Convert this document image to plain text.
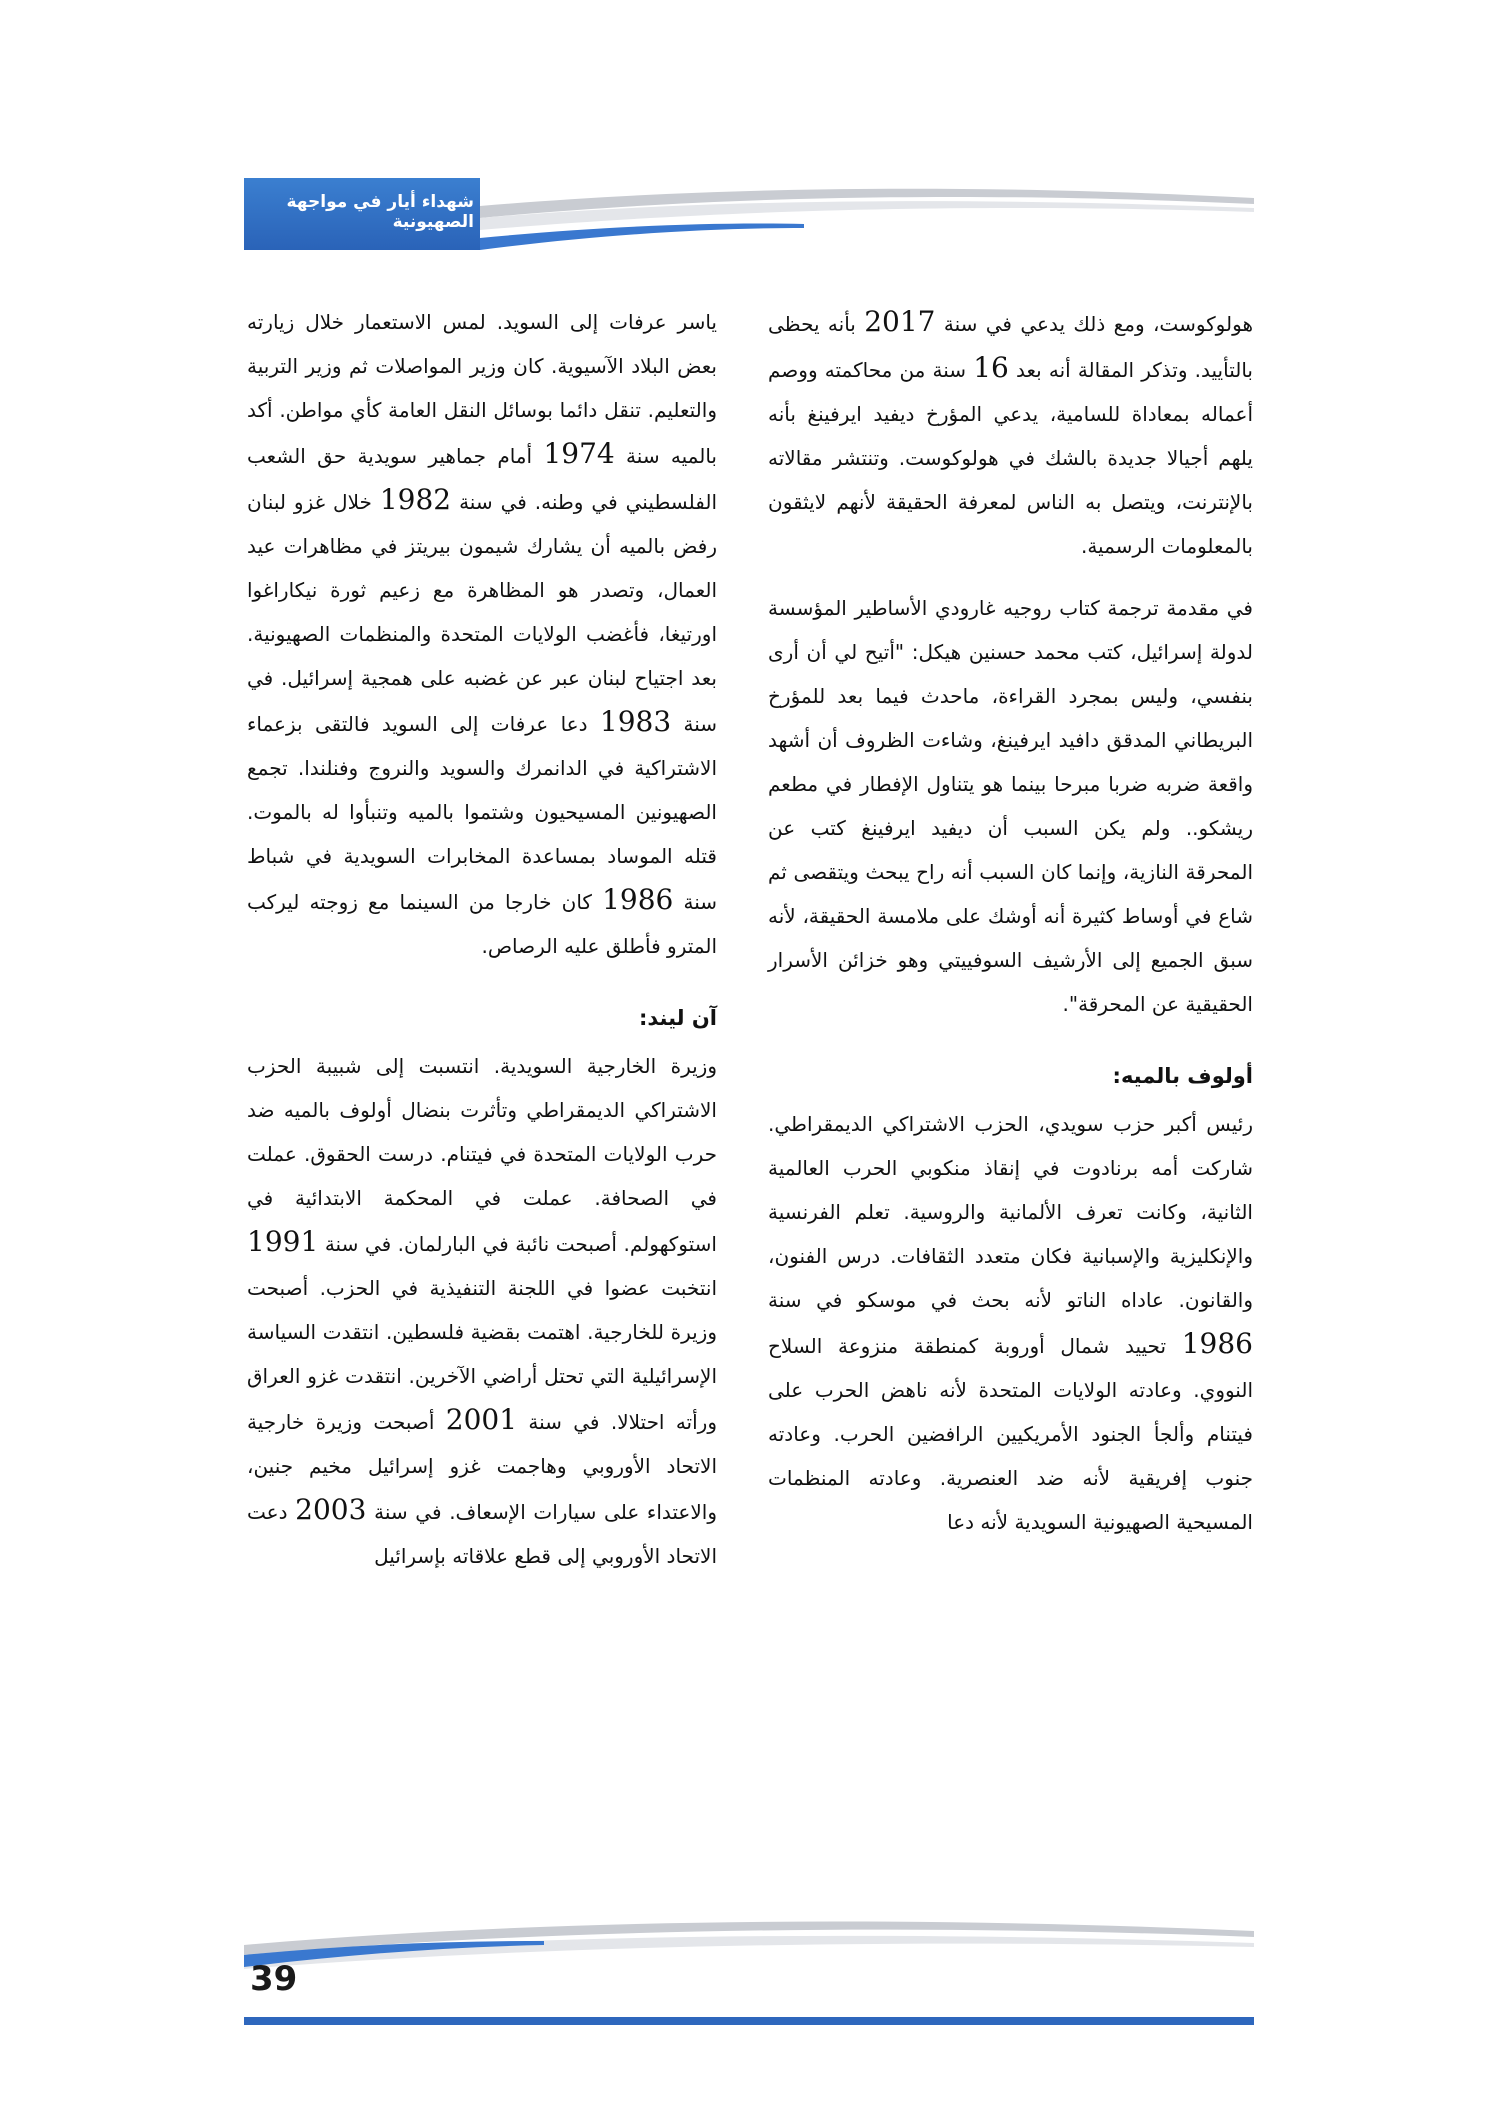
شهداء أيار في مواجهة الصهيونية

هولوكوست، ومع ذلك يدعي في سنة 2017 بأنه يحظى بالتأييد. وتذكر المقالة أنه بعد 16 سنة من محاكمته ووصم أعماله بمعاداة للسامية، يدعي المؤرخ ديفيد ايرفينغ بأنه يلهم أجيالا جديدة بالشك في هولوكوست. وتنتشر مقالاته بالإنترنت، ويتصل به الناس لمعرفة الحقيقة لأنهم لايثقون بالمعلومات الرسمية.

في مقدمة ترجمة كتاب روجيه غارودي الأساطير المؤسسة لدولة إسرائيل، كتب محمد حسنين هيكل: "أتيح لي أن أرى بنفسي، وليس بمجرد القراءة، ماحدث فيما بعد للمؤرخ البريطاني المدقق دافيد ايرفينغ، وشاءت الظروف أن أشهد واقعة ضربه ضربا مبرحا بينما هو يتناول الإفطار في مطعم ريشكو.. ولم يكن السبب أن ديفيد ايرفينغ كتب عن المحرقة النازية، وإنما كان السبب أنه راح يبحث ويتقصى ثم شاع في أوساط كثيرة أنه أوشك على ملامسة الحقيقة، لأنه سبق الجميع إلى الأرشيف السوفييتي وهو خزائن الأسرار الحقيقية عن المحرقة".

أولوف بالميه:

رئيس أكبر حزب سويدي، الحزب الاشتراكي الديمقراطي. شاركت أمه برنادوت في إنقاذ منكوبي الحرب العالمية الثانية، وكانت تعرف الألمانية والروسية. تعلم الفرنسية والإنكليزية والإسبانية فكان متعدد الثقافات. درس الفنون، والقانون. عاداه الناتو لأنه بحث في موسكو في سنة 1986 تحييد شمال أوروبة كمنطقة منزوعة السلاح النووي. وعادته الولايات المتحدة لأنه ناهض الحرب على فيتنام وألجأ الجنود الأمريكيين الرافضين الحرب. وعادته جنوب إفريقية لأنه ضد العنصرية. وعادته المنظمات المسيحية الصهيونية السويدية لأنه دعا

ياسر عرفات إلى السويد. لمس الاستعمار خلال زيارته بعض البلاد الآسيوية. كان وزير المواصلات ثم وزير التربية والتعليم. تنقل دائما بوسائل النقل العامة كأي مواطن. أكد بالميه سنة 1974 أمام جماهير سويدية حق الشعب الفلسطيني في وطنه. في سنة 1982 خلال غزو لبنان رفض بالميه أن يشارك شيمون بيريتز في مظاهرات عيد العمال، وتصدر هو المظاهرة مع زعيم ثورة نيكاراغوا اورتيغا، فأغضب الولايات المتحدة والمنظمات الصهيونية. بعد اجتياح لبنان عبر عن غضبه على همجية إسرائيل. في سنة 1983 دعا عرفات إلى السويد فالتقى بزعماء الاشتراكية في الدانمرك والسويد والنروج وفنلندا. تجمع الصهيونين المسيحيون وشتموا بالميه وتنبأوا له بالموت. قتله الموساد بمساعدة المخابرات السويدية في شباط سنة 1986 كان خارجا من السينما مع زوجته ليركب المترو فأطلق عليه الرصاص.

آن ليند:

وزيرة الخارجية السويدية. انتسبت إلى شبيبة الحزب الاشتراكي الديمقراطي وتأثرت بنضال أولوف بالميه ضد حرب الولايات المتحدة في فيتنام. درست الحقوق. عملت في الصحافة. عملت في المحكمة الابتدائية في استوكهولم. أصبحت نائبة في البارلمان. في سنة 1991 انتخبت عضوا في اللجنة التنفيذية في الحزب. أصبحت وزيرة للخارجية. اهتمت بقضية فلسطين. انتقدت السياسة الإسرائيلية التي تحتل أراضي الآخرين. انتقدت غزو العراق ورأته احتلالا. في سنة 2001 أصبحت وزيرة خارجية الاتحاد الأوروبي وهاجمت غزو إسرائيل مخيم جنين، والاعتداء على سيارات الإسعاف. في سنة 2003 دعت الاتحاد الأوروبي إلى قطع علاقاته بإسرائيل

39
